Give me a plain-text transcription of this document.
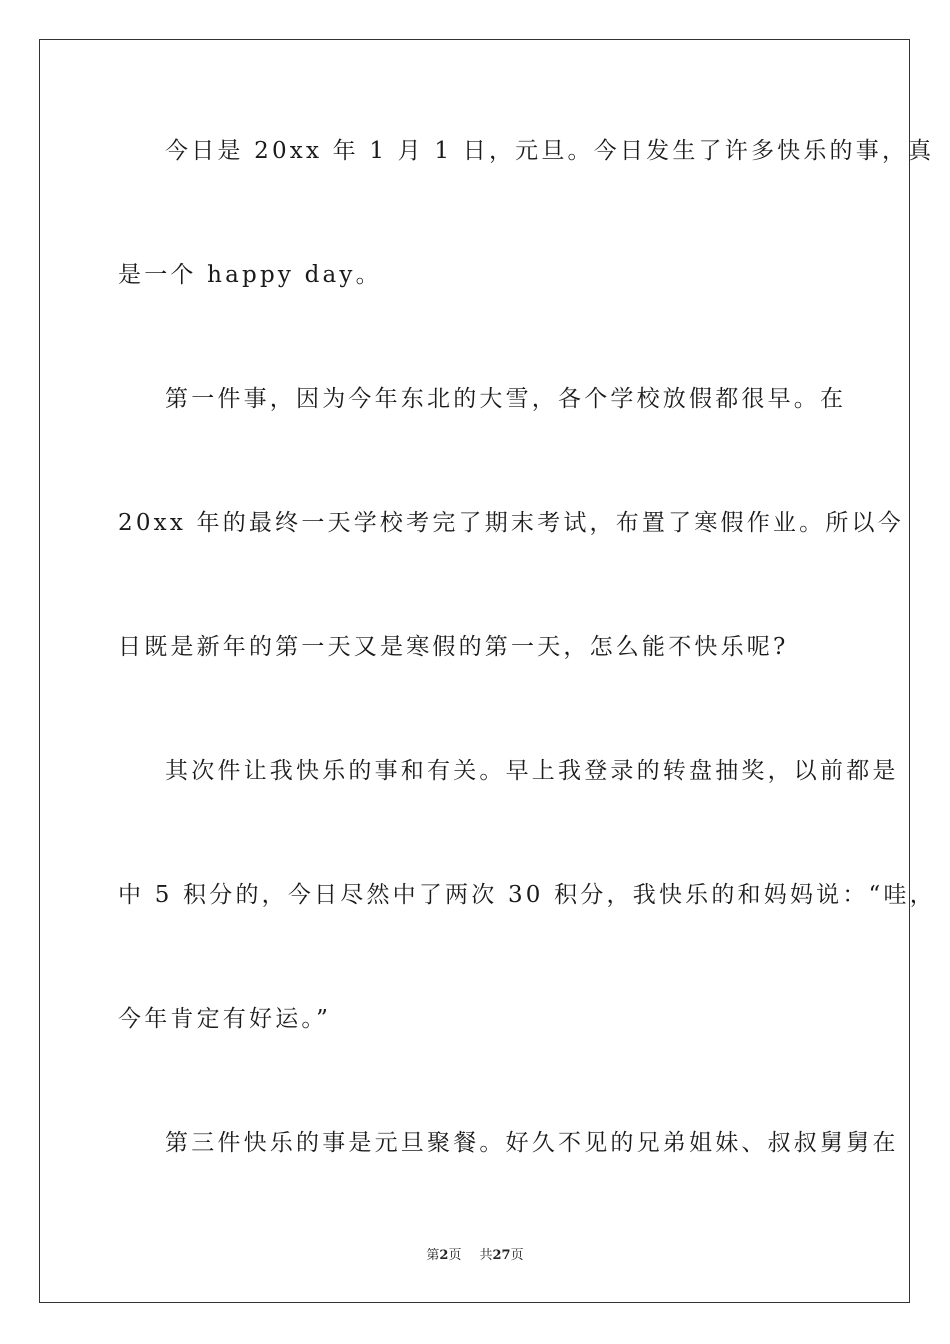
今日是 20xx 年 1 月 1 日，元旦。今日发生了许多快乐的事，真
是一个 happy day。
第一件事，因为今年东北的大雪，各个学校放假都很早。在
20xx 年的最终一天学校考完了期末考试，布置了寒假作业。所以今
日既是新年的第一天又是寒假的第一天，怎么能不快乐呢?
其次件让我快乐的事和有关。早上我登录的转盘抽奖，以前都是
中 5 积分的，今日尽然中了两次 30 积分，我快乐的和妈妈说：“哇，
今年肯定有好运。”
第三件快乐的事是元旦聚餐。好久不见的兄弟姐妹、叔叔舅舅在
第2页 共27页
